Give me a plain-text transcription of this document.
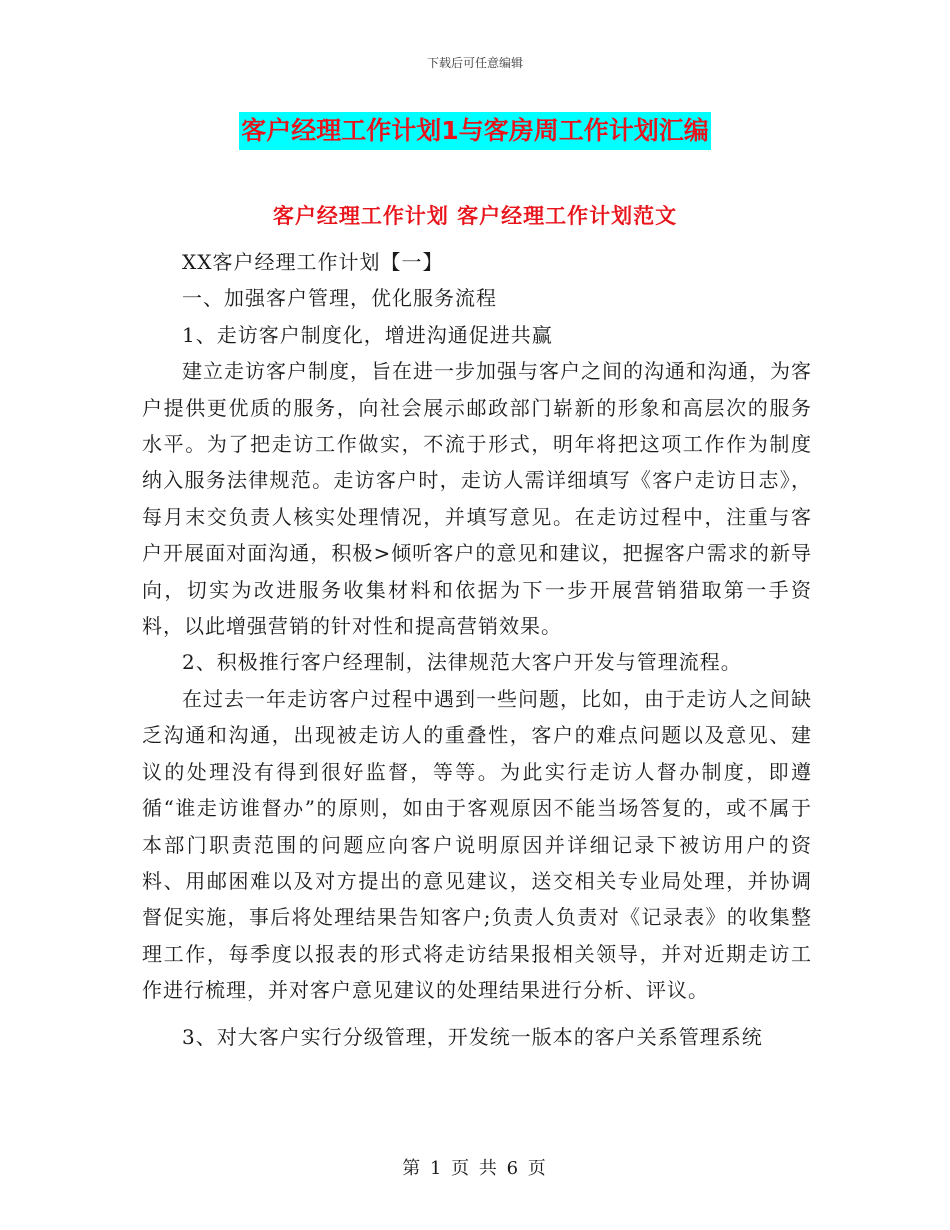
下载后可任意编辑
客户经理工作计划1与客房周工作计划汇编
客户经理工作计划 客户经理工作计划范文

XX客户经理工作计划【一】

一、加强客户管理，优化服务流程

1、走访客户制度化，增进沟通促进共赢

建立走访客户制度，旨在进一步加强与客户之间的沟通和沟通，为客户提供更优质的服务，向社会展示邮政部门崭新的形象和高层次的服务水平。为了把走访工作做实，不流于形式，明年将把这项工作作为制度纳入服务法律规范。走访客户时，走访人需详细填写《客户走访日志》，每月末交负责人核实处理情况，并填写意见。在走访过程中，注重与客户开展面对面沟通，积极>倾听客户的意见和建议，把握客户需求的新导向，切实为改进服务收集材料和依据为下一步开展营销猎取第一手资料，以此增强营销的针对性和提高营销效果。

2、积极推行客户经理制，法律规范大客户开发与管理流程。

在过去一年走访客户过程中遇到一些问题，比如，由于走访人之间缺乏沟通和沟通，出现被走访人的重叠性，客户的难点问题以及意见、建议的处理没有得到很好监督，等等。为此实行走访人督办制度，即遵循“谁走访谁督办”的原则，如由于客观原因不能当场答复的，或不属于本部门职责范围的问题应向客户说明原因并详细记录下被访用户的资料、用邮困难以及对方提出的意见建议，送交相关专业局处理，并协调督促实施，事后将处理结果告知客户;负责人负责对《记录表》的收集整理工作，每季度以报表的形式将走访结果报相关领导，并对近期走访工作进行梳理，并对客户意见建议的处理结果进行分析、评议。

3、对大客户实行分级管理，开发统一版本的客户关系管理系统

第 1 页 共 6 页
